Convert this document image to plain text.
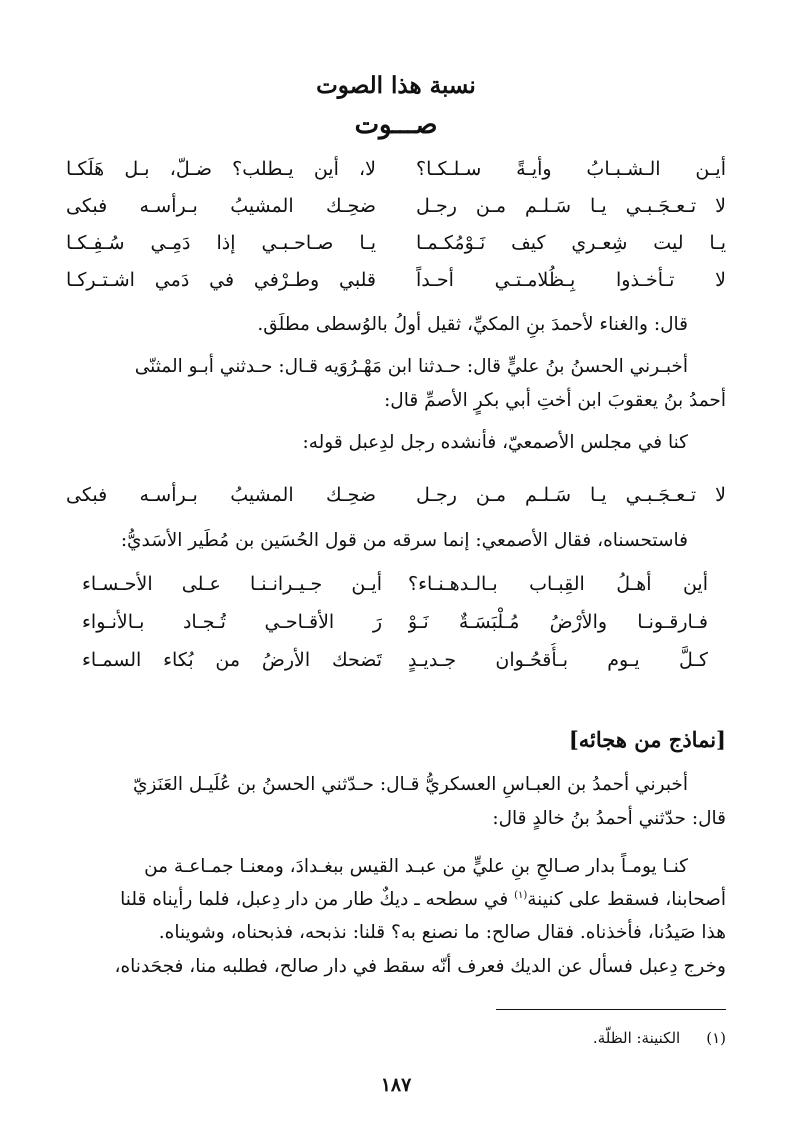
نسبة هذا الصوت
صـــوت
أيـن الـشـبـابُ وأيـةً سـلـكـا؟
لا، أين يـطلب؟ ضـلّ، بـل هَلَكـا
لا تـعـجَـبـي يـا سَـلـم مـن رجـل
ضحِـك المشيبُ بـرأسـه فبكى
يـا ليت شِعـري كيف نَـوْمُكـمـا
يـا صـاحـبـي إذا دَمِـي سُـفِـكـا
لا تـأخـذوا بِـظُلامـتـي أحـداً
قلبي وطـرْفي في دَمي اشـتـركـا

قال: والغناء لأحمدَ بنِ المكيِّ، ثقيل أولُ بالوُسطى مطلَق.

أخبـرني الحسنُ بنُ عليٍّ قال: حـدثنا ابن مَهْـرُوَيه قـال: حـدثني أبـو المثنّى

أحمدُ بنُ يعقوبَ ابن أختِ أبي بكرٍ الأصمِّ قال:

كنا في مجلس الأصمعيّ، فأنشده رجل لدِعبل قوله:

لا تـعـجَـبـي يـا سَـلـم مـن رجـل
ضحِـك المشيبُ بـرأسـه فبكى

فاستحسناه، فقال الأصمعي: إنما سرقه من قول الحُسَين بن مُطَير الأسَديُّ:

أين أهـلُ القِبـاب بـالـدهـنـاء؟
أيـن جـيـرانـنـا عـلى الأحـسـاء
فـارقـونـا والأرْضُ مُـلْبَسَـةٌ نَـوْ
رَ الأقـاحـي تُـجـاد بـالأنـواء
كـلَّ يـوم بـأُقحُـوان جـديـدٍ
تَضحك الأرضُ من بُكاء السمـاء
[نماذج من هجائه]

أخبرني أحمدُ بن العبـاسِ العسكريُّ قـال: حـدّثني الحسنُ بن عُلَيـل العَنَزيّ

قال: حدّثني أحمدُ بنُ خالدٍ قال:

كنـا يومـاً بدار صـالحِ بنِ عليٍّ من عبـد القيس ببغـدادَ، ومعنـا جمـاعـة من

أصحابنا، فسقط على كنينة$^{(١)}$ في سطحه ـ ديكٌ طار من دار دِعبل، فلما رأيناه قلنا

هذا صَيدُنا، فأخذناه. فقال صالح: ما نصنع به؟ قلنا: نذبحه، فذبحناه، وشويناه.

وخرج دِعبل فسأل عن الديك فعرف أنّه سقط في دار صالح، فطلبه منا، فجحَدناه،

(١)الكنينة: الظلّة.
١٨٧
